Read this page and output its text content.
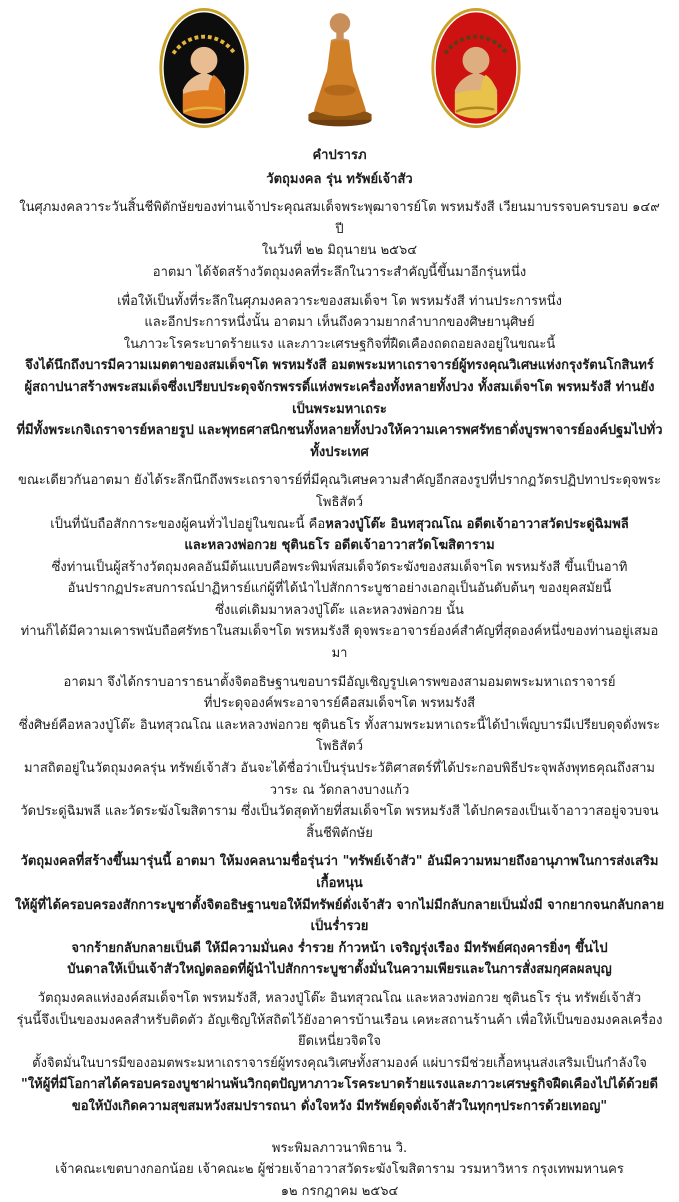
คำปรารภ
วัตถุมงคล รุ่น ทรัพย์เจ้าสัว
ในศุภมงคลวาระวันสิ้นชีพิตักษัยของท่านเจ้าประคุณสมเด็จพระพุฒาจารย์โต พรหมรังสี เวียนมาบรรจบครบรอบ ๑๔๙ ปี
ในวันที่ ๒๒ มิถุนายน ๒๕๖๔
อาตมา ได้จัดสร้างวัตถุมงคลที่ระลึกในวาระสำคัญนี้ขึ้นมาอีกรุ่นหนึ่ง
เพื่อให้เป็นทั้งที่ระลึกในศุภมงคลวาระของสมเด็จฯ โต พรหมรังสี ท่านประการหนึ่ง
และอีกประการหนึ่งนั้น อาตมา เห็นถึงความยากลำบากของศิษยานุศิษย์
ในภาวะโรคระบาดร้ายแรง และภาวะเศรษฐกิจที่ฝืดเคืองถดถอยลงอยู่ในขณะนี้
จึงได้นึกถึงบารมีความเมตตาของสมเด็จฯโต พรหมรังสี อมตพระมหาเถราจารย์ผู้ทรงคุณวิเศษแห่งกรุงรัตนโกสินทร์
ผู้สถาปนาสร้างพระสมเด็จซึ่งเปรียบประดุจจักรพรรดิ์แห่งพระเครื่องทั้งหลายทั้งปวง ทั้งสมเด็จฯโต พรหมรังสี ท่านยังเป็นพระมหาเถระ
ที่มีทั้งพระเกจิเถราจารย์หลายรูป และพุทธศาสนิกชนทั้งหลายทั้งปวงให้ความเคารพศรัทธาดั่งบูรพาจารย์องค์ปฐมไปทั่วทั้งประเทศ
ขณะเดียวกันอาตมา ยังได้ระลึกนึกถึงพระเถราจารย์ที่มีคุณวิเศษความสำคัญอีกสองรูปที่ปรากฏวัตรปฏิปทาประดุจพระโพธิสัตว์
เป็นที่นับถือสักการะของผู้คนทั่วไปอยู่ในขณะนี้ คือหลวงปู่โต๊ะ อินทสุวณโณ อดีตเจ้าอาวาสวัดประดู่ฉิมพลี
และหลวงพ่อกวย ชุตินธโร อดีตเจ้าอาวาสวัดโฆสิตาราม
ซึ่งท่านเป็นผู้สร้างวัตถุมงคลอันมีต้นแบบคือพระพิมพ์สมเด็จวัดระฆังของสมเด็จฯโต พรหมรังสี ขึ้นเป็นอาทิ
อันปรากฏประสบการณ์ปาฏิหารย์แก่ผู้ที่ได้นำไปสักการะบูชาอย่างเอกอุเป็นอันดับต้นๆ ของยุคสมัยนี้
ซึ่งแต่เดิมมาหลวงปู่โต๊ะ และหลวงพ่อกวย นั้น
ท่านก็ได้มีความเคารพนับถือศรัทธาในสมเด็จฯโต พรหมรังสี ดุจพระอาจารย์องค์สำคัญที่สุดองค์หนึ่งของท่านอยู่เสมอมา
อาตมา จึงได้กราบอาราธนาตั้งจิตอธิษฐานขอบารมีอัญเชิญรูปเคารพของสามอมตพระมหาเถราจารย์
ที่ประดุจองค์พระอาจารย์คือสมเด็จฯโต พรหมรังสี
ซึ่งศิษย์คือหลวงปู่โต๊ะ อินทสุวณโณ และหลวงพ่อกวย ชุตินธโร ทั้งสามพระมหาเถระนี้ได้บำเพ็ญบารมีเปรียบดุจดั่งพระโพธิสัตว์
มาสถิตอยู่ในวัตถุมงคลรุ่น ทรัพย์เจ้าสัว อันจะได้ชื่อว่าเป็นรุ่นประวัติศาสตร์ที่ได้ประกอบพิธีประจุพลังพุทธคุณถึงสามวาระ ณ วัดกลางบางแก้ว
วัดประดู่ฉิมพลี และวัดระฆังโฆสิตาราม ซึ่งเป็นวัดสุดท้ายที่สมเด็จฯโต พรหมรังสี ได้ปกครองเป็นเจ้าอาวาสอยู่จวบจนสิ้นชีพิตักษัย
วัตถุมงคลที่สร้างขึ้นมารุ่นนี้ อาตมา ให้มงคลนามชื่อรุ่นว่า "ทรัพย์เจ้าสัว" อันมีความหมายถึงอานุภาพในการส่งเสริมเกื้อหนุน
ให้ผู้ที่ได้ครอบครองสักการะบูชาตั้งจิตอธิษฐานขอให้มีทรัพย์ดั่งเจ้าสัว จากไม่มีกลับกลายเป็นมั่งมี จากยากจนกลับกลายเป็นร่ำรวย
จากร้ายกลับกลายเป็นดี ให้มีความมั่นคง ร่ำรวย ก้าวหน้า เจริญรุ่งเรือง มีทรัพย์ศฤงคารยิ่งๆ ขึ้นไป
บันดาลให้เป็นเจ้าสัวใหญ่ตลอดที่ผู้นำไปสักการะบูชาตั้งมั่นในความเพียรและในการสั่งสมกุศลผลบุญ
วัตถุมงคลแห่งองค์สมเด็จฯโต พรหมรังสี, หลวงปู่โต๊ะ อินทสุวณโณ และหลวงพ่อกวย ชุตินธโร รุ่น ทรัพย์เจ้าสัว
รุ่นนี้จึงเป็นของมงคลสำหรับติดตัว อัญเชิญให้สถิตไว้ยังอาคารบ้านเรือน เคหะสถานร้านค้า เพื่อให้เป็นของมงคลเครื่องยึดเหนี่ยวจิตใจ
ตั้งจิตมั่นในบารมีของอมตพระมหาเถราจารย์ผู้ทรงคุณวิเศษทั้งสามองค์ แผ่บารมีช่วยเกื้อหนุนส่งเสริมเป็นกำลังใจ
"ให้ผู้ที่มีโอกาสได้ครอบครองบูชาผ่านพ้นวิกฤตปัญหาภาวะโรคระบาดร้ายแรงและภาวะเศรษฐกิจฝืดเคืองไปได้ด้วยดี
ขอให้บังเกิดความสุขสมหวังสมปรารถนา ดั่งใจหวัง มีทรัพย์ดุจดั่งเจ้าสัวในทุกๆประการด้วยเทอญ"
พระพิมลภาวนาพิธาน วิ.
เจ้าคณะเขตบางกอกน้อย เจ้าคณะ๒ ผู้ช่วยเจ้าอาวาสวัดระฆังโฆสิตาราม วรมหาวิหาร กรุงเทพมหานคร
๑๒ กรกฎาคม ๒๕๖๔
